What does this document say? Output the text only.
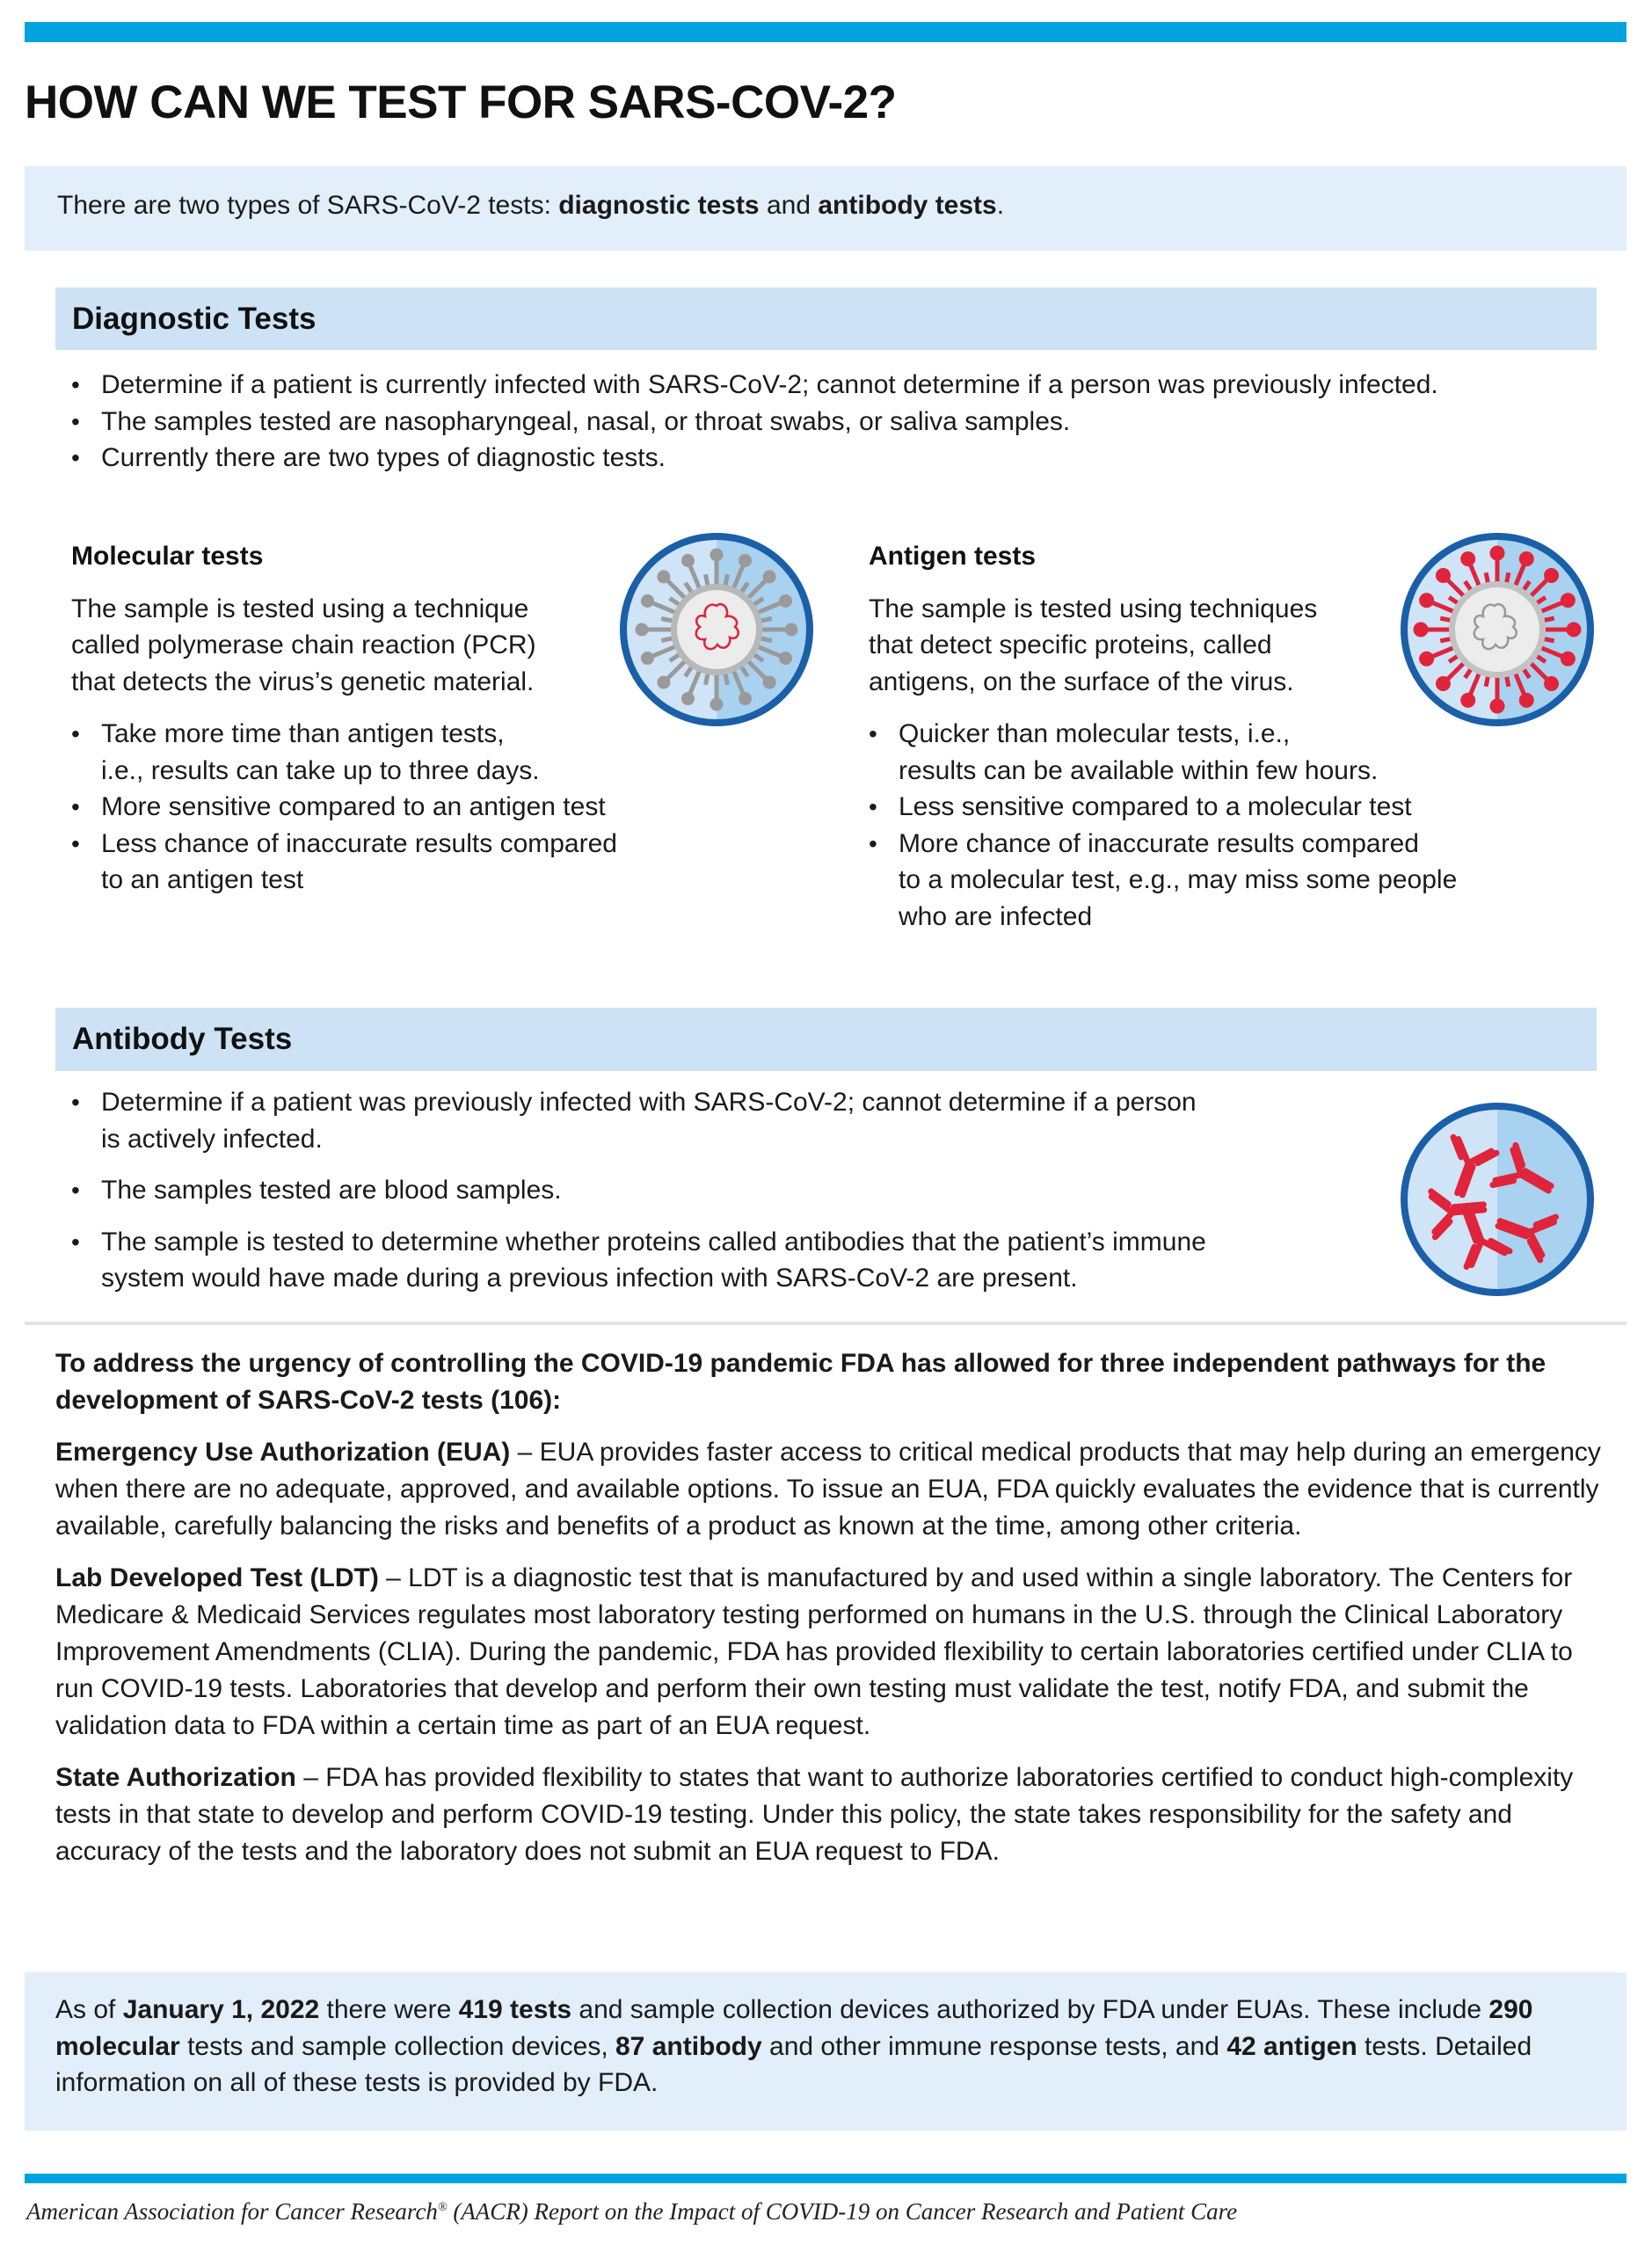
HOW CAN WE TEST FOR SARS-COV-2?
There are two types of SARS-CoV-2 tests: diagnostic tests and antibody tests.
Diagnostic Tests
• Determine if a patient is currently infected with SARS-CoV-2; cannot determine if a person was previously infected.
• The samples tested are nasopharyngeal, nasal, or throat swabs, or saliva samples.
• Currently there are two types of diagnostic tests.
Molecular tests
The sample is tested using a technique
called polymerase chain reaction (PCR)
that detects the virus’s genetic material.
• Take more time than antigen tests,
i.e., results can take up to three days.
• More sensitive compared to an antigen test
• Less chance of inaccurate results compared
to an antigen test
Antigen tests
The sample is tested using techniques
that detect specific proteins, called
antigens, on the surface of the virus.
• Quicker than molecular tests, i.e.,
results can be available within few hours.
• Less sensitive compared to a molecular test
• More chance of inaccurate results compared
to a molecular test, e.g., may miss some people
who are infected
Antibody Tests
• Determine if a patient was previously infected with SARS-CoV-2; cannot determine if a person
is actively infected.
• The samples tested are blood samples.
• The sample is tested to determine whether proteins called antibodies that the patient’s immune
system would have made during a previous infection with SARS-CoV-2 are present.

To address the urgency of controlling the COVID-19 pandemic FDA has allowed for three independent pathways for the development of SARS-CoV-2 tests (106):

Emergency Use Authorization (EUA) – EUA provides faster access to critical medical products that may help during an emergency when there are no adequate, approved, and available options. To issue an EUA, FDA quickly evaluates the evidence that is currently available, carefully balancing the risks and benefits of a product as known at the time, among other criteria.

Lab Developed Test (LDT) – LDT is a diagnostic test that is manufactured by and used within a single laboratory. The Centers for Medicare & Medicaid Services regulates most laboratory testing performed on humans in the U.S. through the Clinical Laboratory Improvement Amendments (CLIA). During the pandemic, FDA has provided flexibility to certain laboratories certified under CLIA to run COVID-19 tests. Laboratories that develop and perform their own testing must validate the test, notify FDA, and submit the validation data to FDA within a certain time as part of an EUA request.

State Authorization – FDA has provided flexibility to states that want to authorize laboratories certified to conduct high-complexity tests in that state to develop and perform COVID-19 testing. Under this policy, the state takes responsibility for the safety and accuracy of the tests and the laboratory does not submit an EUA request to FDA.

As of January 1, 2022 there were 419 tests and sample collection devices authorized by FDA under EUAs. These include 290 molecular tests and sample collection devices, 87 antibody and other immune response tests, and 42 antigen tests. Detailed information on all of these tests is provided by FDA.
American Association for Cancer Research® (AACR) Report on the Impact of COVID-19 on Cancer Research and Patient Care
